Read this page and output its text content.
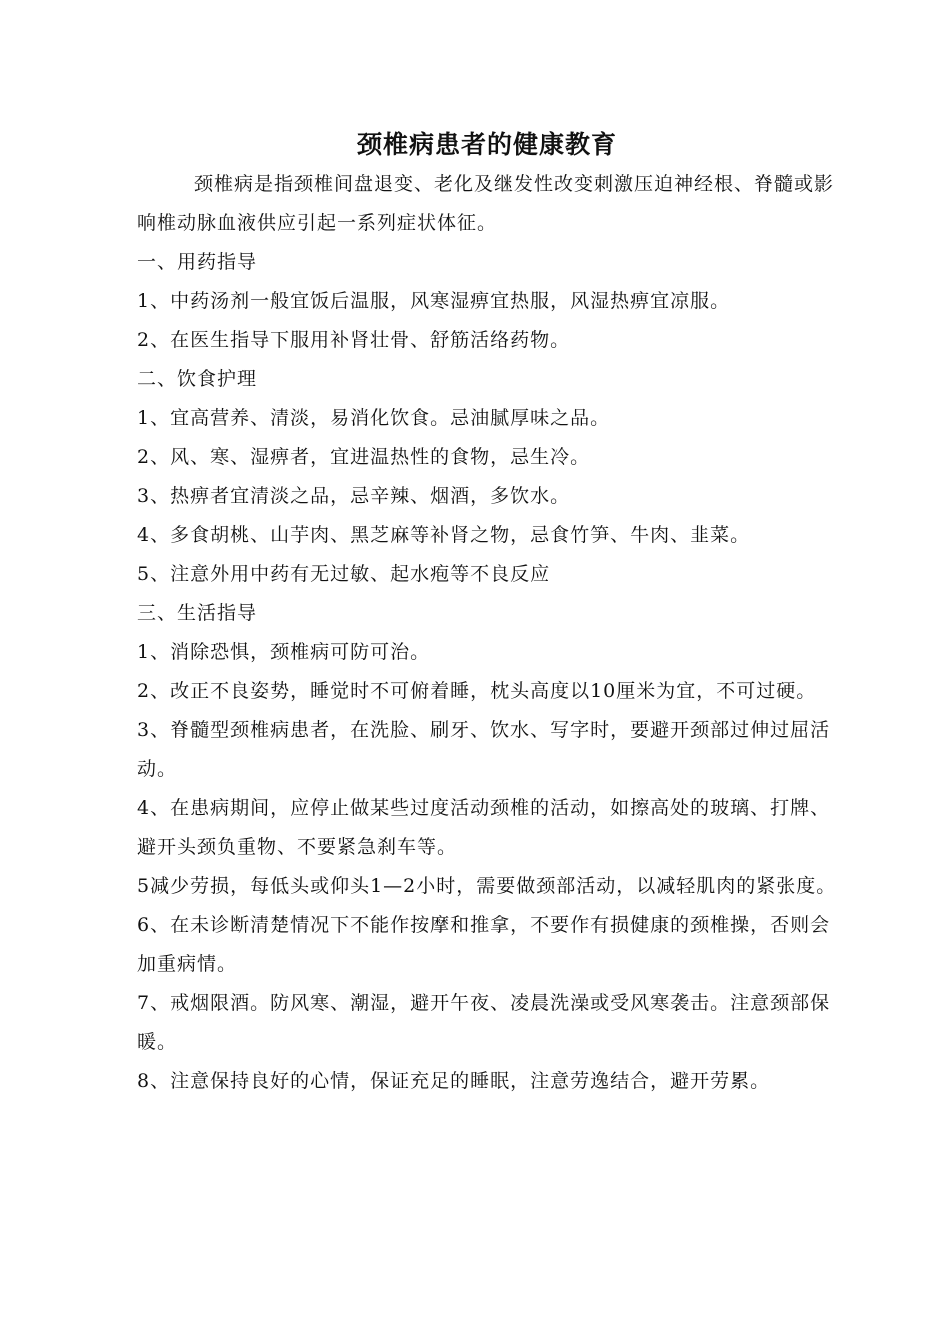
颈椎病患者的健康教育

颈椎病是指颈椎间盘退变、老化及继发性改变刺激压迫神经根、脊髓或影响椎动脉血液供应引起一系列症状体征。

一、用药指导

1、中药汤剂一般宜饭后温服，风寒湿痹宜热服，风湿热痹宜凉服。

2、在医生指导下服用补肾壮骨、舒筋活络药物。

二、饮食护理

1、宜高营养、清淡，易消化饮食。忌油腻厚味之品。

2、风、寒、湿痹者，宜进温热性的食物，忌生冷。

3、热痹者宜清淡之品，忌辛辣、烟酒，多饮水。

4、多食胡桃、山芋肉、黑芝麻等补肾之物，忌食竹笋、牛肉、韭菜。

5、注意外用中药有无过敏、起水疱等不良反应

三、生活指导

1、消除恐惧，颈椎病可防可治。

2、改正不良姿势，睡觉时不可俯着睡，枕头高度以10厘米为宜，不可过硬。

3、脊髓型颈椎病患者，在洗脸、刷牙、饮水、写字时，要避开颈部过伸过屈活动。

4、在患病期间，应停止做某些过度活动颈椎的活动，如擦高处的玻璃、打牌、避开头颈负重物、不要紧急刹车等。

5减少劳损，每低头或仰头1—2小时，需要做颈部活动，以减轻肌肉的紧张度。

6、在未诊断清楚情况下不能作按摩和推拿，不要作有损健康的颈椎操，否则会加重病情。

7、戒烟限酒。防风寒、潮湿，避开午夜、凌晨洗澡或受风寒袭击。注意颈部保暖。

8、注意保持良好的心情，保证充足的睡眠，注意劳逸结合，避开劳累。
